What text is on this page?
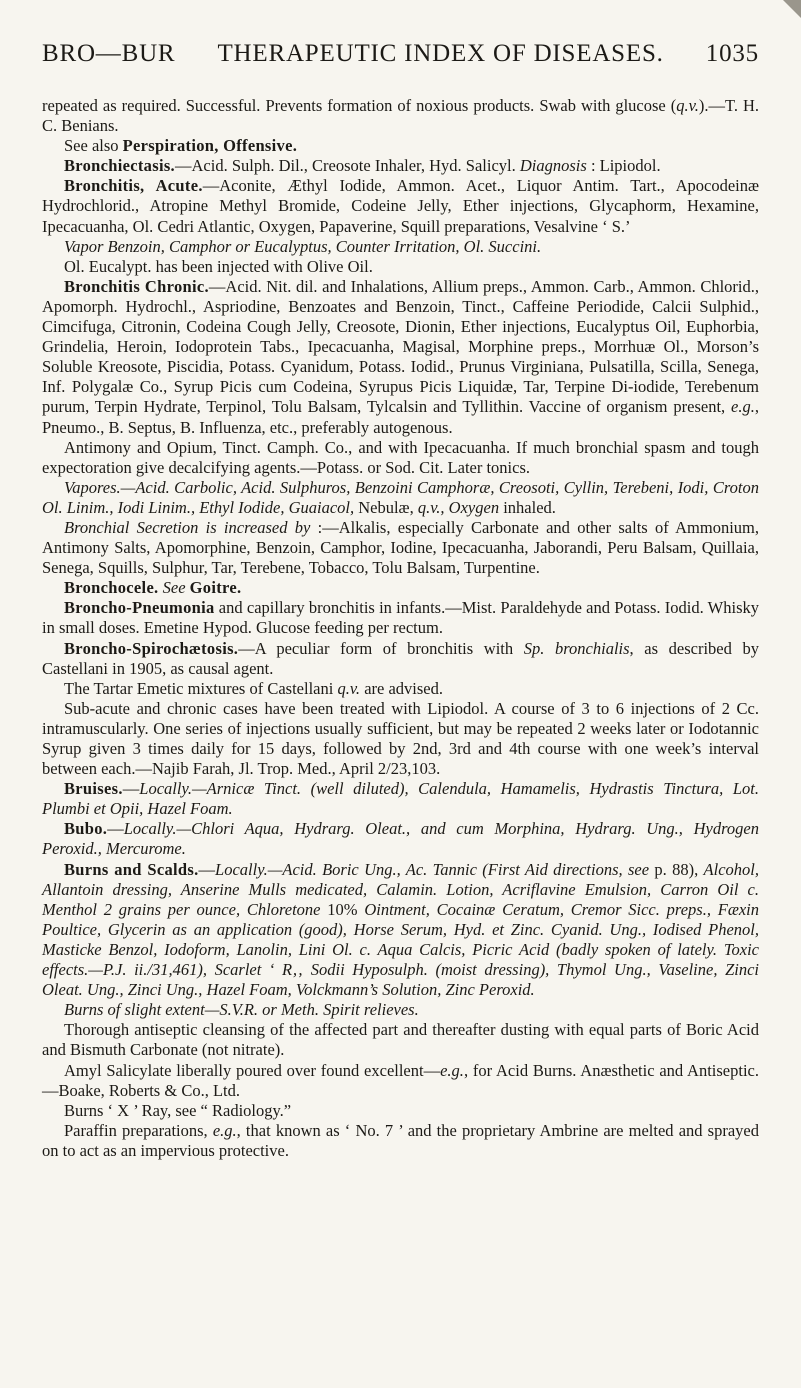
BRO—BUR THERAPEUTIC INDEX OF DISEASES. 1035

repeated as required. Successful. Prevents formation of noxious products. Swab with glucose (q.v.).—T. H. C. Benians.

See also Perspiration, Offensive.

Bronchiectasis.—Acid. Sulph. Dil., Creosote Inhaler, Hyd. Salicyl. Diagnosis : Lipiodol.

Bronchitis, Acute.—Aconite, Æthyl Iodide, Ammon. Acet., Liquor Antim. Tart., Apocodeinæ Hydrochlorid., Atropine Methyl Bromide, Codeine Jelly, Ether injections, Glycaphorm, Hexamine, Ipecacuanha, Ol. Cedri Atlantic, Oxygen, Papaverine, Squill preparations, Vesalvine ‘ S.’

Vapor Benzoin, Camphor or Eucalyptus, Counter Irritation, Ol. Succini.

Ol. Eucalypt. has been injected with Olive Oil.

Bronchitis Chronic.—Acid. Nit. dil. and Inhalations, Allium preps., Ammon. Carb., Ammon. Chlorid., Apomorph. Hydrochl., Aspriodine, Benzoates and Benzoin, Tinct., Caffeine Periodide, Calcii Sulphid., Cimcifuga, Citronin, Codeina Cough Jelly, Creosote, Dionin, Ether injections, Eucalyptus Oil, Euphorbia, Grindelia, Heroin, Iodoprotein Tabs., Ipecacuanha, Magisal, Morphine preps., Morrhuæ Ol., Morson’s Soluble Kreosote, Piscidia, Potass. Cyanidum, Potass. Iodid., Prunus Virginiana, Pulsatilla, Scilla, Senega, Inf. Polygalæ Co., Syrup Picis cum Codeina, Syrupus Picis Liquidæ, Tar, Terpine Di-iodide, Terebenum purum, Terpin Hydrate, Terpinol, Tolu Balsam, Tylcalsin and Tyllithin. Vaccine of organism present, e.g., Pneumo., B. Septus, B. Influenza, etc., preferably autogenous.

Antimony and Opium, Tinct. Camph. Co., and with Ipecacuanha. If much bronchial spasm and tough expectoration give decalcifying agents.—Potass. or Sod. Cit. Later tonics.

Vapores.—Acid. Carbolic, Acid. Sulphuros, Benzoini Camphoræ, Creosoti, Cyllin, Terebeni, Iodi, Croton Ol. Linim., Iodi Linim., Ethyl Iodide, Guaiacol, Nebulæ, q.v., Oxygen inhaled.

Bronchial Secretion is increased by :—Alkalis, especially Carbonate and other salts of Ammonium, Antimony Salts, Apomorphine, Benzoin, Camphor, Iodine, Ipecacuanha, Jaborandi, Peru Balsam, Quillaia, Senega, Squills, Sulphur, Tar, Terebene, Tobacco, Tolu Balsam, Turpentine.

Bronchocele. See Goitre.

Broncho-Pneumonia and capillary bronchitis in infants.—Mist. Paraldehyde and Potass. Iodid. Whisky in small doses. Emetine Hypod. Glucose feeding per rectum.

Broncho-Spirochætosis.—A peculiar form of bronchitis with Sp. bronchialis, as described by Castellani in 1905, as causal agent.

The Tartar Emetic mixtures of Castellani q.v. are advised.

Sub-acute and chronic cases have been treated with Lipiodol. A course of 3 to 6 injections of 2 Cc. intramuscularly. One series of injections usually sufficient, but may be repeated 2 weeks later or Iodotannic Syrup given 3 times daily for 15 days, followed by 2nd, 3rd and 4th course with one week’s interval between each.—Najib Farah, Jl. Trop. Med., April 2/23,103.

Bruises.—Locally.—Arnicæ Tinct. (well diluted), Calendula, Hamamelis, Hydrastis Tinctura, Lot. Plumbi et Opii, Hazel Foam.

Bubo.—Locally.—Chlori Aqua, Hydrarg. Oleat., and cum Morphina, Hydrarg. Ung., Hydrogen Peroxid., Mercurome.

Burns and Scalds.—Locally.—Acid. Boric Ung., Ac. Tannic (First Aid directions, see p. 88), Alcohol, Allantoin dressing, Anserine Mulls medicated, Calamin. Lotion, Acriflavine Emulsion, Carron Oil c. Menthol 2 grains per ounce, Chloretone 10% Ointment, Cocainæ Ceratum, Cremor Sicc. preps., Fæxin Poultice, Glycerin as an application (good), Horse Serum, Hyd. et Zinc. Cyanid. Ung., Iodised Phenol, Masticke Benzol, Iodoform, Lanolin, Lini Ol. c. Aqua Calcis, Picric Acid (badly spoken of lately. Toxic effects.—P.J. ii./31,461), Scarlet ‘ R‚‚ Sodii Hyposulph. (moist dressing), Thymol Ung., Vaseline, Zinci Oleat. Ung., Zinci Ung., Hazel Foam, Volckmann’s Solution, Zinc Peroxid.

Burns of slight extent—S.V.R. or Meth. Spirit relieves.

Thorough antiseptic cleansing of the affected part and thereafter dusting with equal parts of Boric Acid and Bismuth Carbonate (not nitrate).

Amyl Salicylate liberally poured over found excellent—e.g., for Acid Burns. Anæsthetic and Antiseptic.—Boake, Roberts & Co., Ltd.

Burns ‘ X ’ Ray, see “ Radiology.”

Paraffin preparations, e.g., that known as ‘ No. 7 ’ and the proprietary Ambrine are melted and sprayed on to act as an impervious protective.
